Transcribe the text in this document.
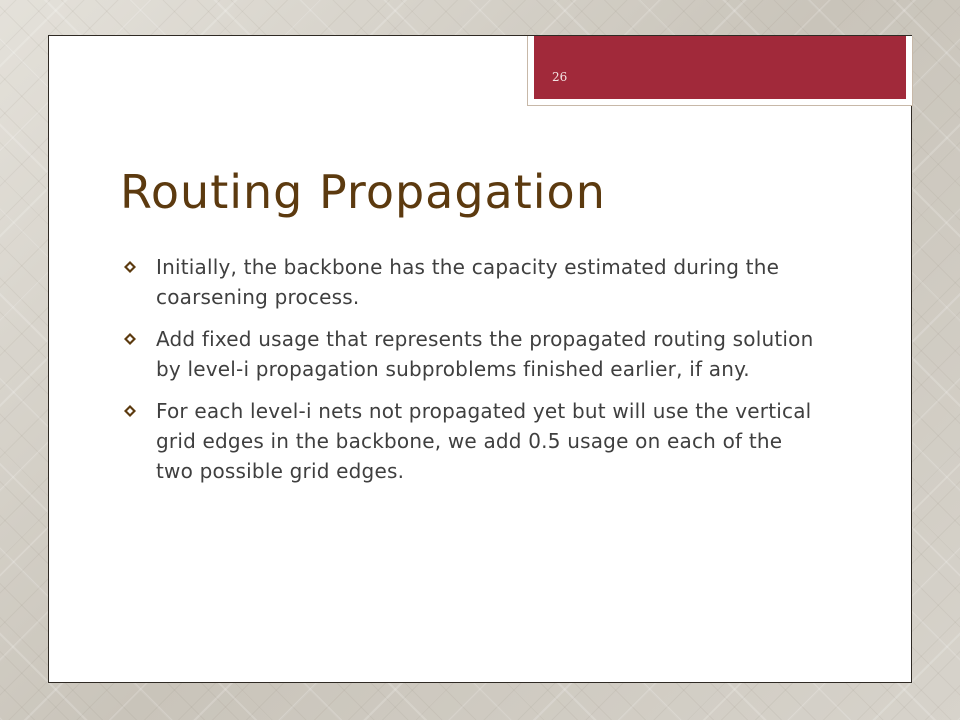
26
Routing Propagation
Initially, the backbone has the capacity estimated during the coarsening process.
Add fixed usage that represents the propagated routing solution by level-i propagation subproblems finished earlier, if any.
For each level-i nets not propagated yet but will use the vertical grid edges in the backbone, we add 0.5 usage on each of the two possible grid edges.
